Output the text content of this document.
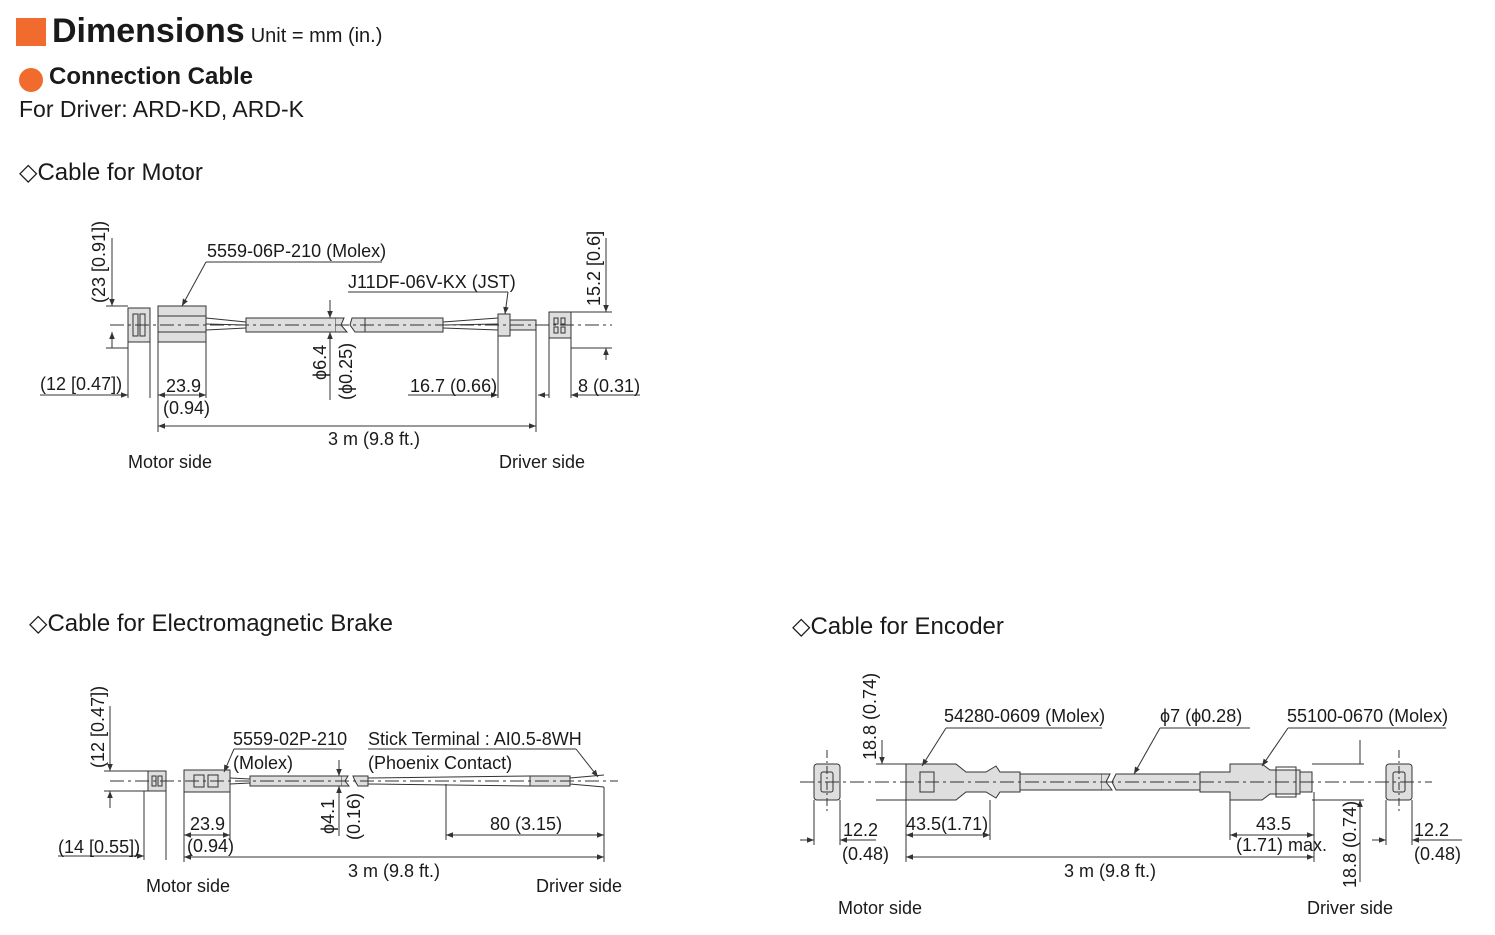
Dimensions Unit = mm (in.)
Connection Cable
For Driver: ARD-KD, ARD-K
◇Cable for Motor
◇Cable for Electromagnetic Brake	◇Cable for Encoder
5559-06P-210 (Molex)
J11DF-06V-KX (JST)
(23 [0.91])
15.2 [0.6]
(12 [0.47]) 23.9
(0.94)
ϕ6.4
(ϕ0.25)
16.7 (0.66)	8 (0.31)
3 m (9.8 ft.)
Motor side	Driver side
5559-02P-210
(Molex)
Stick Terminal : AI0.5-8WH
(Phoenix Contact)
(12 [0.47])
(14 [0.55])
23.9
(0.94)
ϕ4.1
(0.16)
80 (3.15)
3 m (9.8 ft.)
Motor side	Driver side
54280-0609 (Molex)	ϕ7 (ϕ0.28) 55100-0670 (Molex)
18.8 (0.74)
18.8 (0.74)
12.2
(0.48)
43.5(1.71)	43.5
(1.71) max.
12.2
(0.48)
3 m (9.8 ft.)
Motor side	Driver side
